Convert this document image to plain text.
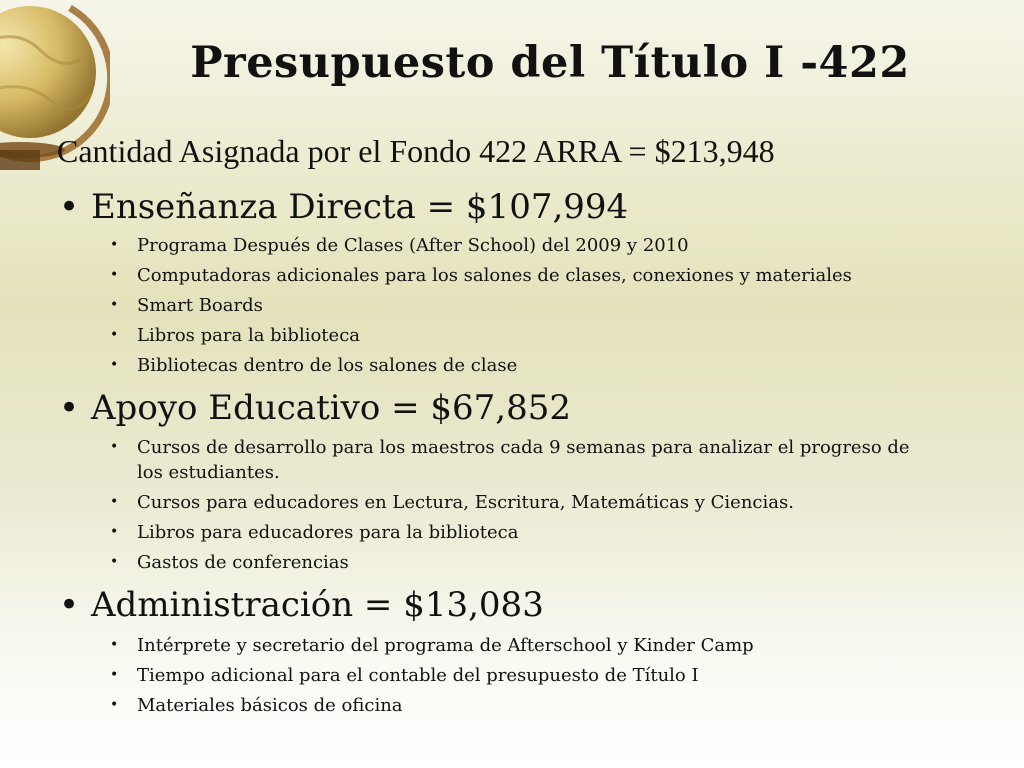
Presupuesto del Título I -422
Cantidad Asignada por el Fondo 422 ARRA = $213,948
• Enseñanza Directa = $107,994
• Programa Después de Clases (After School) del 2009 y 2010
• Computadoras adicionales para los salones de clases, conexiones y materiales
• Smart Boards
• Libros para la biblioteca
• Bibliotecas dentro de los salones de clase
• Apoyo Educativo = $67,852
• Cursos de desarrollo para los maestros cada 9 semanas para analizar el progreso de
los estudiantes.
• Cursos para educadores en Lectura, Escritura, Matemáticas y Ciencias.
• Libros para educadores para la biblioteca
• Gastos de conferencias
• Administración = $13,083
• Intérprete y secretario del programa de Afterschool y Kinder Camp
• Tiempo adicional para el contable del presupuesto de Título I
• Materiales básicos de oficina
